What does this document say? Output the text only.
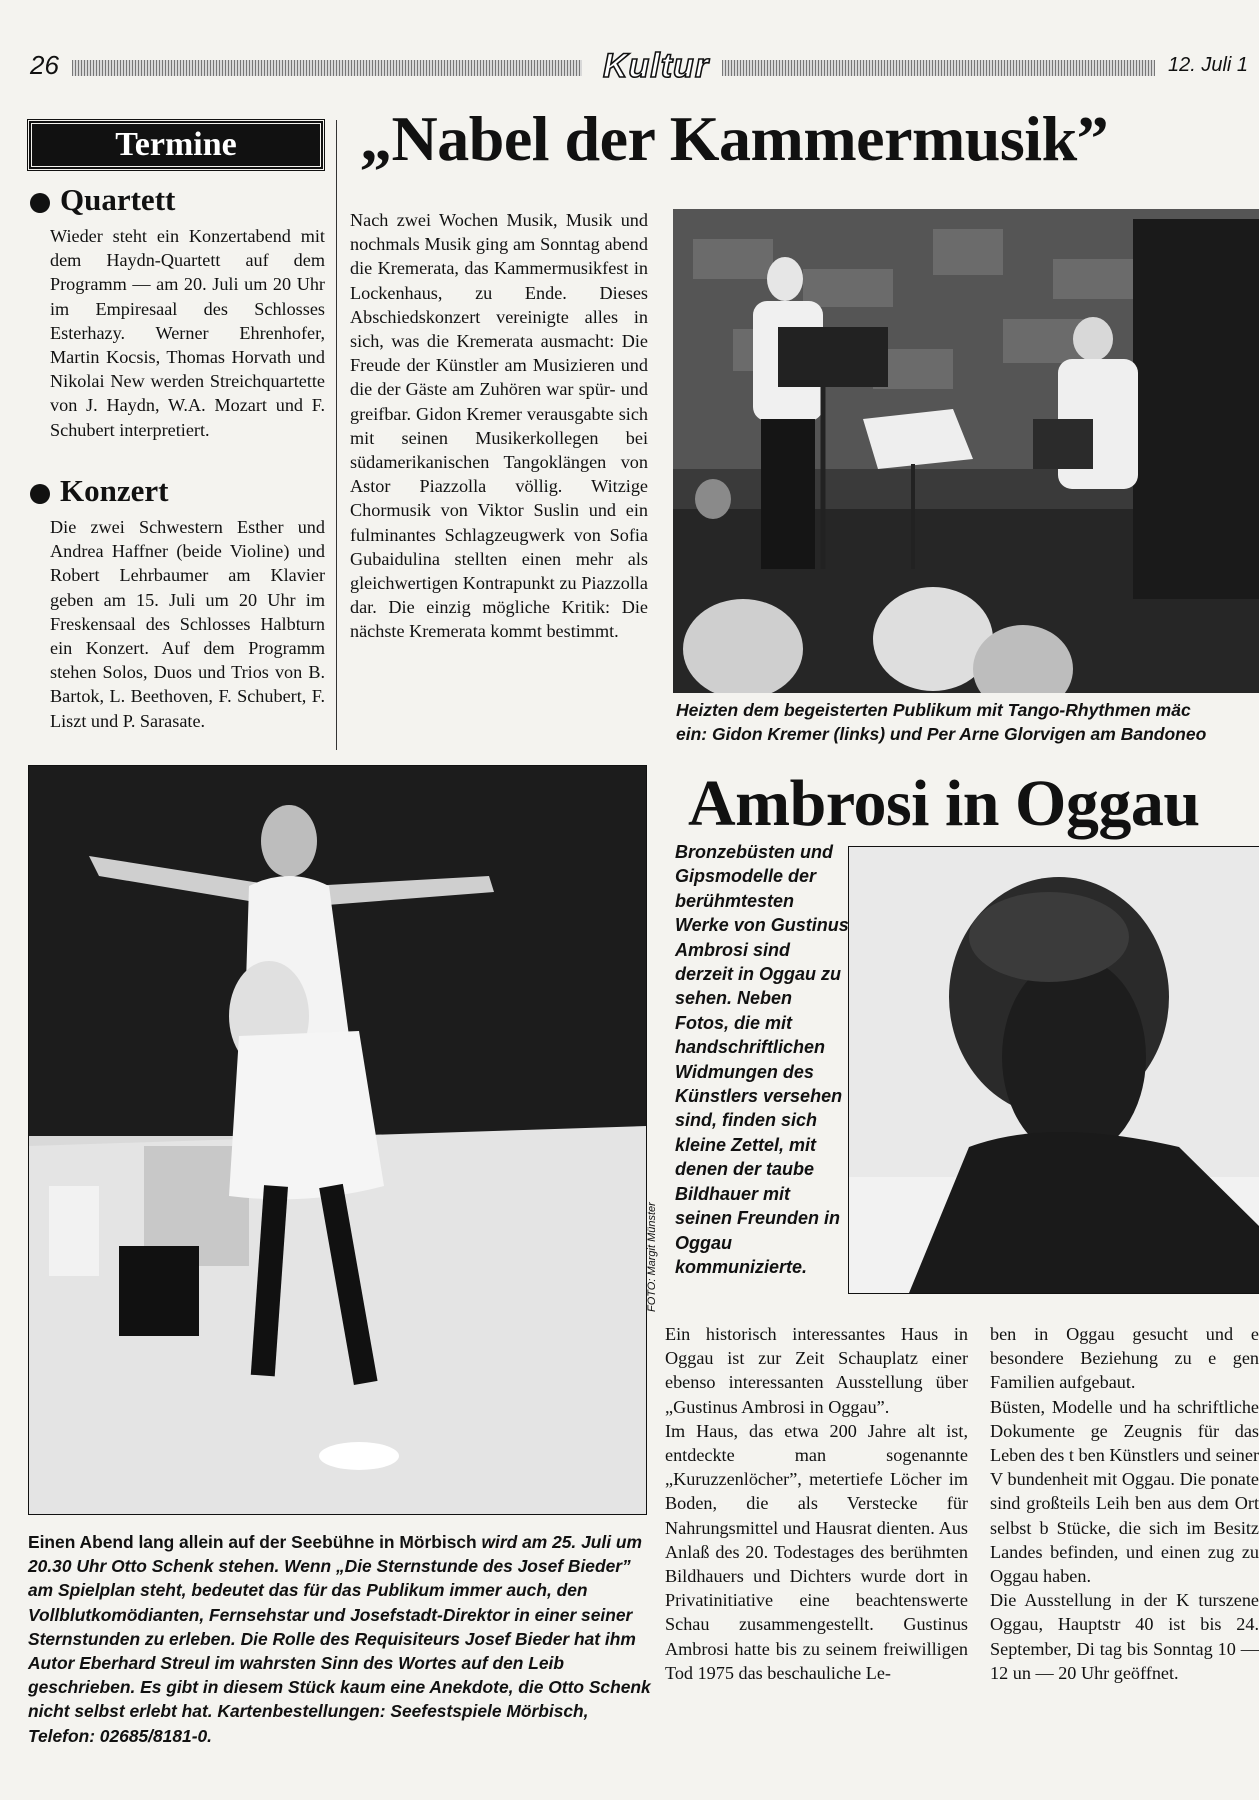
26	Kultur	12. Juli 1
Termine
Quartett
Wieder steht ein Konzertabend mit dem Haydn-Quartett auf dem Programm — am 20. Juli um 20 Uhr im Empiresaal des Schlosses Esterhazy. Werner Ehrenhofer, Martin Kocsis, Thomas Horvath und Nikolai New werden Streichquartette von J. Haydn, W.A. Mozart und F. Schubert interpretiert.
Konzert
Die zwei Schwestern Esther und Andrea Haffner (beide Violine) und Robert Lehrbaumer am Klavier geben am 15. Juli um 20 Uhr im Freskensaal des Schlosses Halbturn ein Konzert. Auf dem Programm stehen Solos, Duos und Trios von B. Bartok, L. Beethoven, F. Schubert, F. Liszt und P. Sarasate.
„Nabel der Kammermusik”
Nach zwei Wochen Musik, Musik und nochmals Musik ging am Sonntag abend die Kremerata, das Kammermusikfest in Lockenhaus, zu Ende. Dieses Abschiedskonzert vereinigte alles in sich, was die Kremerata ausmacht: Die Freude der Künstler am Musizieren und die der Gäste am Zuhören war spür- und greifbar. Gidon Kremer verausgabte sich mit seinen Musikerkollegen bei südamerikanischen Tangoklängen von Astor Piazzolla völlig. Witzige Chormusik von Viktor Suslin und ein fulminantes Schlagzeugwerk von Sofia Gubaidulina stellten einen mehr als gleichwertigen Kontrapunkt zu Piazzolla dar. Die einzig mögliche Kritik: Die nächste Kremerata kommt bestimmt.
Heizten dem begeisterten Publikum mit Tango-Rhythmen mäc
ein: Gidon Kremer (links) und Per Arne Glorvigen am Bandoneo
FOTO: Margit Münster
Einen Abend lang allein auf der Seebühne in Mörbisch wird am 25. Juli um 20.30 Uhr Otto Schenk stehen. Wenn „Die Sternstunde des Josef Bieder” am Spielplan steht, bedeutet das für das Publikum immer auch, den Vollblutkomödianten, Fernsehstar und Josefstadt-Direktor in einer seiner Sternstunden zu erleben. Die Rolle des Requisiteurs Josef Bieder hat ihm Autor Eberhard Streul im wahrsten Sinn des Wortes auf den Leib geschrieben. Es gibt in diesem Stück kaum eine Anekdote, die Otto Schenk nicht selbst erlebt hat. Kartenbestellungen: Seefestspiele Mörbisch, Telefon: 02685/8181-0.
Ambrosi in Oggau
Bronzebüsten und Gipsmodelle der berühmtesten Werke von Gustinus Ambrosi sind derzeit in Oggau zu sehen. Neben Fotos, die mit handschriftlichen Widmungen des Künstlers versehen sind, finden sich kleine Zettel, mit denen der taube Bildhauer mit seinen Freunden in Oggau kommunizierte.
Ein historisch interessantes Haus in Oggau ist zur Zeit Schauplatz einer ebenso interessanten Ausstellung über „Gustinus Ambrosi in Oggau”.
Im Haus, das etwa 200 Jahre alt ist, entdeckte man sogenannte „Kuruzzenlöcher”, metertiefe Löcher im Boden, die als Verstecke für Nahrungsmittel und Hausrat dienten. Aus Anlaß des 20. Todestages des berühmten Bildhauers und Dichters wurde dort in Privatinitiative eine beachtenswerte Schau zusammengestellt. Gustinus Ambrosi hatte bis zu seinem freiwilligen Tod 1975 das beschauliche Le-
ben in Oggau gesucht und e besondere Beziehung zu e gen Familien aufgebaut.
Büsten, Modelle und ha schriftliche Dokumente ge Zeugnis für das Leben des t ben Künstlers und seiner V bundenheit mit Oggau. Die ponate sind großteils Leih ben aus dem Ort selbst b Stücke, die sich im Besitz Landes befinden, und einen zug zu Oggau haben.
Die Ausstellung in der K turszene Oggau, Hauptstr 40 ist bis 24. September, Di tag bis Sonntag 10 — 12 un — 20 Uhr geöffnet.
